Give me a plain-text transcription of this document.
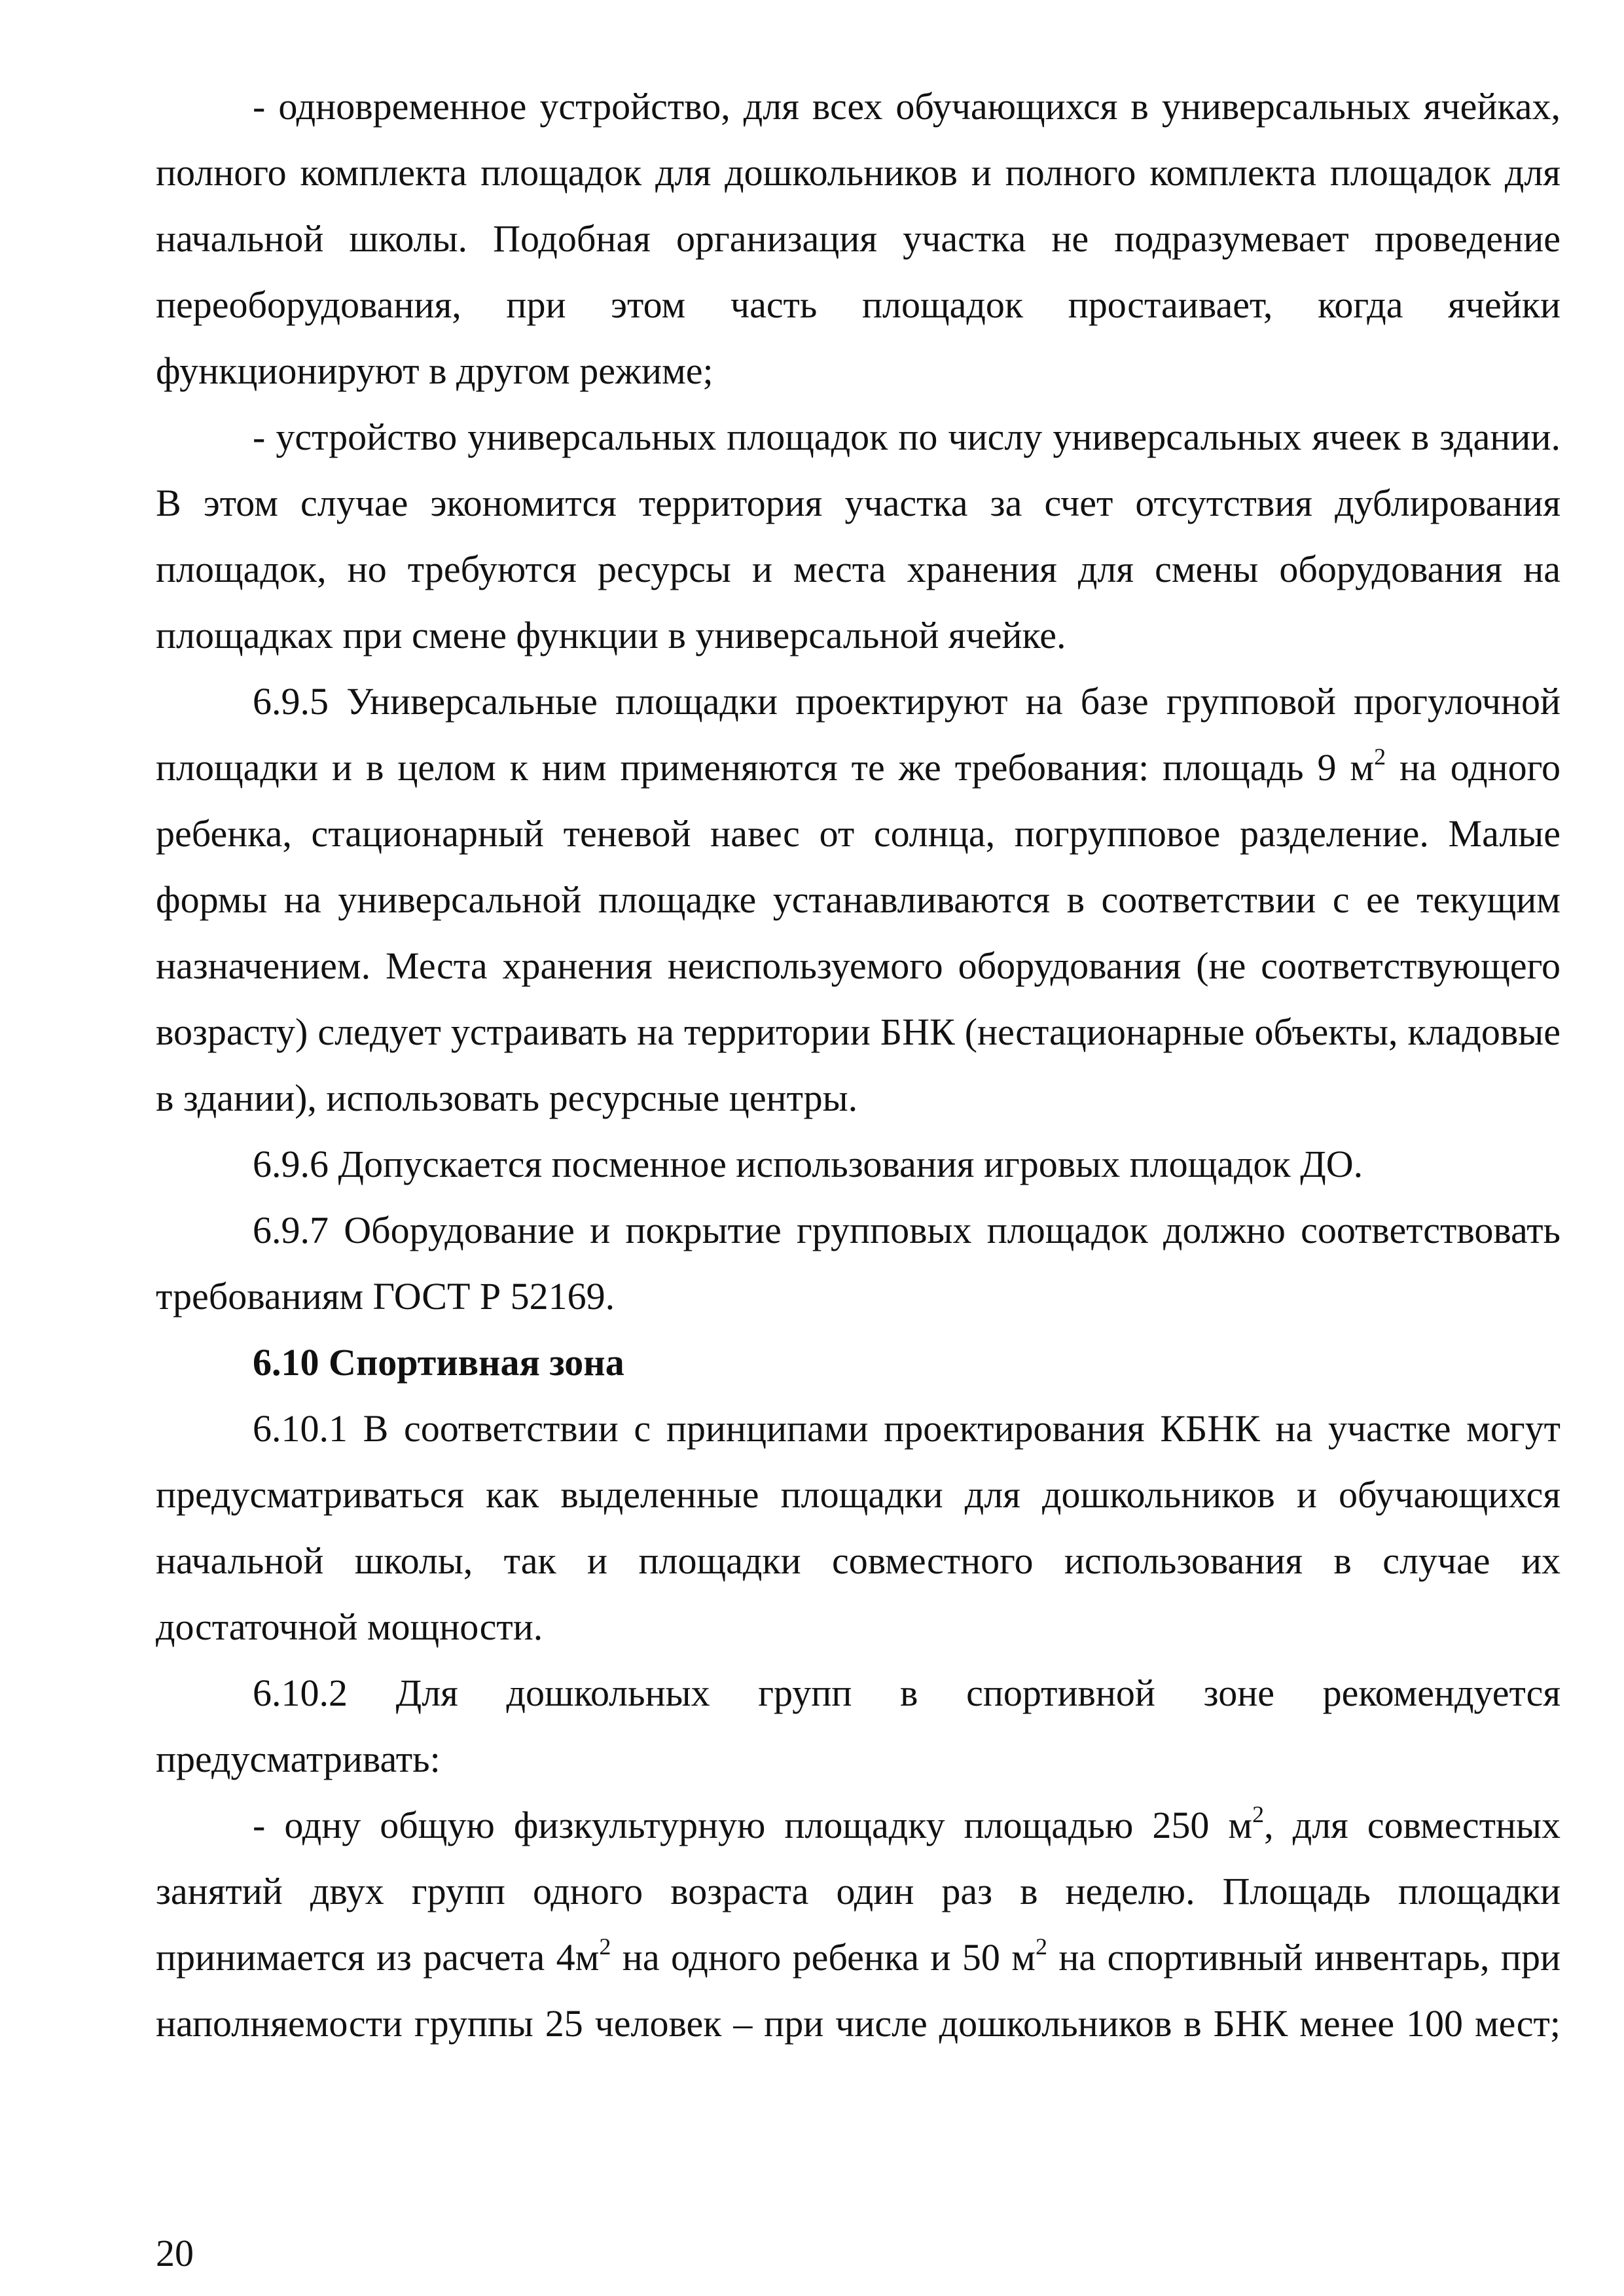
- одновременное устройство, для всех обучающихся в универсальных ячейках, полного комплекта площадок для дошкольников и полного комплекта площадок для начальной школы. Подобная организация участка не подразумевает проведение переоборудования, при этом часть площадок простаивает, когда ячейки функционируют в другом режиме;

- устройство универсальных площадок по числу универсальных ячеек в здании. В этом случае экономится территория участка за счет отсутствия дублирования площадок, но требуются ресурсы и места хранения для смены оборудования на площадках при смене функции в универсальной ячейке.

6.9.5 Универсальные площадки проектируют на базе групповой прогулочной площадки и в целом к ним применяются те же требования: площадь 9 $м^2$ на одного ребенка, стационарный теневой навес от солнца, погрупповое разделение. Малые формы на универсальной площадке устанавливаются в соответствии с ее текущим назначением. Места хранения неиспользуемого оборудования (не соответствующего возрасту) следует устраивать на территории БНК (нестационарные объекты, кладовые в здании), использовать ресурсные центры.

6.9.6 Допускается посменное использования игровых площадок ДО.

6.9.7 Оборудование и покрытие групповых площадок должно соответствовать требованиям ГОСТ Р 52169.

6.10 Спортивная зона

6.10.1 В соответствии с принципами проектирования КБНК на участке могут предусматриваться как выделенные площадки для дошкольников и обучающихся начальной школы, так и площадки совместного использования в случае их достаточной мощности.

6.10.2 Для дошкольных групп в спортивной зоне рекомендуется предусматривать:

- одну общую физкультурную площадку площадью 250 $м^2$, для совместных занятий двух групп одного возраста один раз в неделю. Площадь площадки принимается из расчета $4м^2$ на одного ребенка и 50 $м^2$ на спортивный инвентарь, при наполняемости группы 25 человек – при числе дошкольников в БНК менее 100 мест;

20
